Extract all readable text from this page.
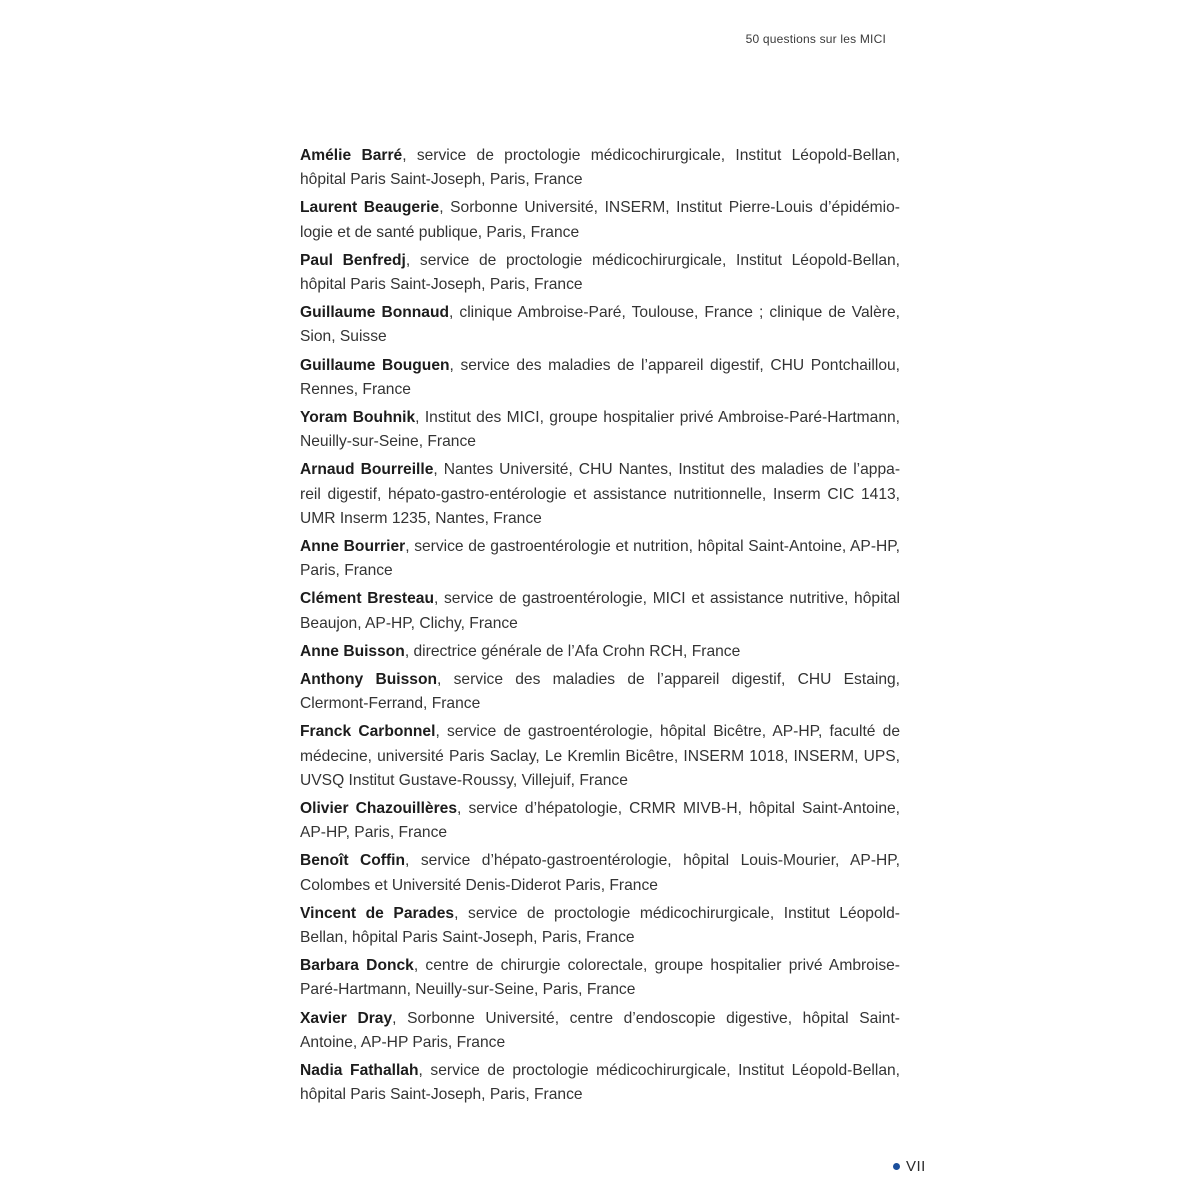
50 questions sur les MICI
Amélie Barré, service de proctologie médicochirurgicale, Institut Léopold-Bellan, hôpital Paris Saint-Joseph, Paris, France
Laurent Beaugerie, Sorbonne Université, INSERM, Institut Pierre-Louis d’épidémio-logie et de santé publique, Paris, France
Paul Benfredj, service de proctologie médicochirurgicale, Institut Léopold-Bellan, hôpital Paris Saint-Joseph, Paris, France
Guillaume Bonnaud, clinique Ambroise-Paré, Toulouse, France ; clinique de Valère, Sion, Suisse
Guillaume Bouguen, service des maladies de l’appareil digestif, CHU Pontchaillou, Rennes, France
Yoram Bouhnik, Institut des MICI, groupe hospitalier privé Ambroise-Paré-Hartmann, Neuilly-sur-Seine, France
Arnaud Bourreille, Nantes Université, CHU Nantes, Institut des maladies de l’appa-reil digestif, hépato-gastro-entérologie et assistance nutritionnelle, Inserm CIC 1413, UMR Inserm 1235, Nantes, France
Anne Bourrier, service de gastroentérologie et nutrition, hôpital Saint-Antoine, AP-HP, Paris, France
Clément Bresteau, service de gastroentérologie, MICI et assistance nutritive, hôpital Beaujon, AP-HP, Clichy, France
Anne Buisson, directrice générale de l’Afa Crohn RCH, France
Anthony Buisson, service des maladies de l’appareil digestif, CHU Estaing, Clermont-Ferrand, France
Franck Carbonnel, service de gastroentérologie, hôpital Bicêtre, AP-HP, faculté de médecine, université Paris Saclay, Le Kremlin Bicêtre, INSERM 1018, INSERM, UPS, UVSQ Institut Gustave-Roussy, Villejuif, France
Olivier Chazouillères, service d’hépatologie, CRMR MIVB-H, hôpital Saint-Antoine, AP-HP, Paris, France
Benoît Coffin, service d’hépato-gastroentérologie, hôpital Louis-Mourier, AP-HP, Colombes et Université Denis-Diderot Paris, France
Vincent de Parades, service de proctologie médicochirurgicale, Institut Léopold-Bellan, hôpital Paris Saint-Joseph, Paris, France
Barbara Donck, centre de chirurgie colorectale, groupe hospitalier privé Ambroise-Paré-Hartmann, Neuilly-sur-Seine, Paris, France
Xavier Dray, Sorbonne Université, centre d’endoscopie digestive, hôpital Saint-Antoine, AP-HP Paris, France
Nadia Fathallah, service de proctologie médicochirurgicale, Institut Léopold-Bellan, hôpital Paris Saint-Joseph, Paris, France
VII
